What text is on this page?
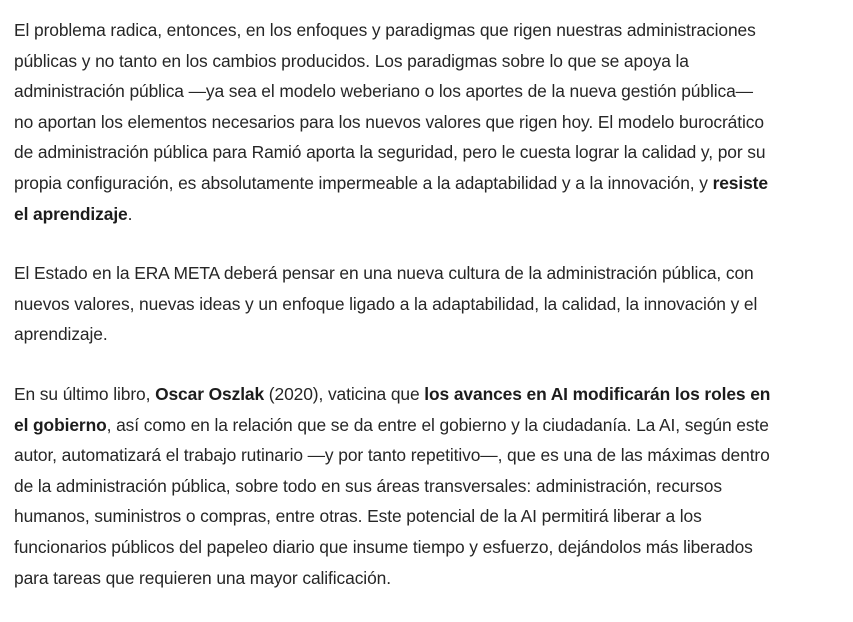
El problema radica, entonces, en los enfoques y paradigmas que rigen nuestras administraciones públicas y no tanto en los cambios producidos. Los paradigmas sobre lo que se apoya la administración pública —ya sea el modelo weberiano o los aportes de la nueva gestión pública— no aportan los elementos necesarios para los nuevos valores que rigen hoy. El modelo burocrático de administración pública para Ramió aporta la seguridad, pero le cuesta lograr la calidad y, por su propia configuración, es absolutamente impermeable a la adaptabilidad y a la innovación, y resiste el aprendizaje.

El Estado en la ERA META deberá pensar en una nueva cultura de la administración pública, con nuevos valores, nuevas ideas y un enfoque ligado a la adaptabilidad, la calidad, la innovación y el aprendizaje.

En su último libro, Oscar Oszlak (2020), vaticina que los avances en AI modificarán los roles en el gobierno, así como en la relación que se da entre el gobierno y la ciudadanía. La AI, según este autor, automatizará el trabajo rutinario —y por tanto repetitivo—, que es una de las máximas dentro de la administración pública, sobre todo en sus áreas transversales: administración, recursos humanos, suministros o compras, entre otras. Este potencial de la AI permitirá liberar a los funcionarios públicos del papeleo diario que insume tiempo y esfuerzo, dejándolos más liberados para tareas que requieren una mayor calificación.
